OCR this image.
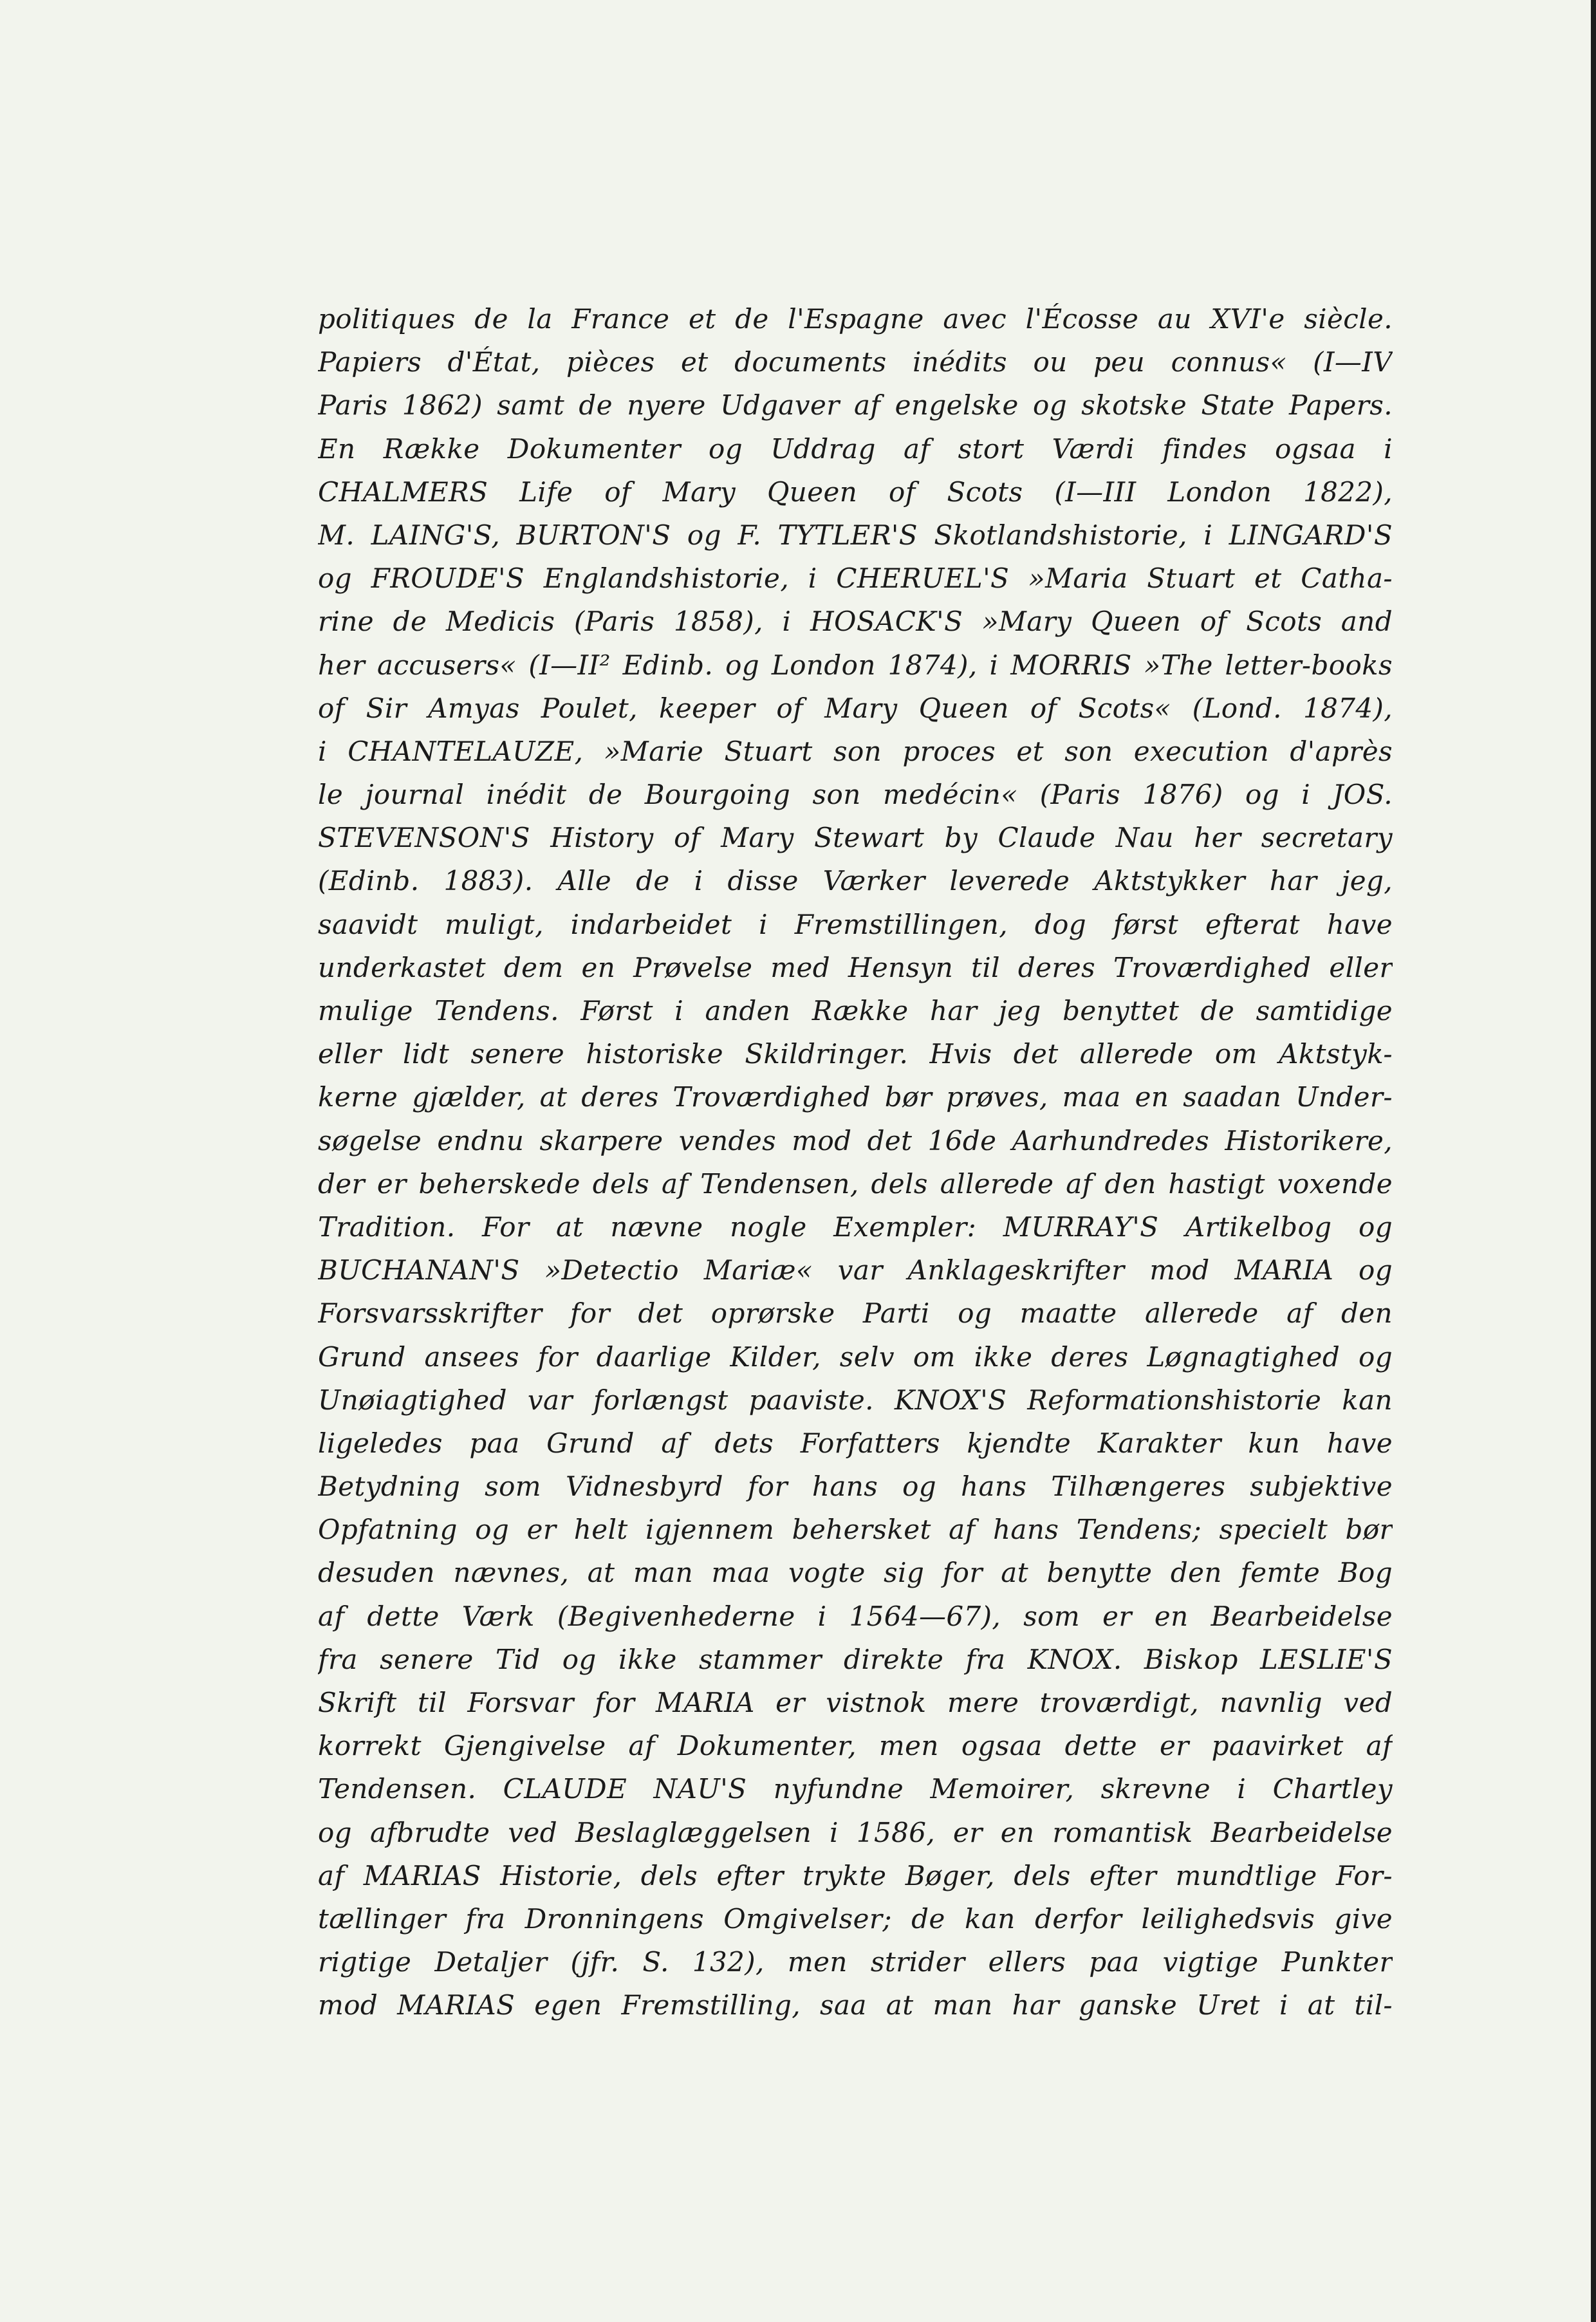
politiques de la France et de l'Espagne avec l'Écosse au XVI'e siècle.
Papiers d'État, pièces et documents inédits ou peu connus« (I—IV
Paris 1862) samt de nyere Udgaver af engelske og skotske State Papers.
En Række Dokumenter og Uddrag af stort Værdi findes ogsaa i
CHALMERS Life of Mary Queen of Scots (I—III London 1822),
M. LAING'S, BURTON'S og F. TYTLER'S Skotlandshistorie, i LINGARD'S
og FROUDE'S Englandshistorie, i CHERUEL'S »Maria Stuart et Catha-
rine de Medicis (Paris 1858), i HOSACK'S »Mary Queen of Scots and
her accusers« (I—II² Edinb. og London 1874), i MORRIS »The letter-books
of Sir Amyas Poulet, keeper of Mary Queen of Scots« (Lond. 1874),
i CHANTELAUZE, »Marie Stuart son proces et son execution d'après
le journal inédit de Bourgoing son medécin« (Paris 1876) og i JOS.
STEVENSON'S History of Mary Stewart by Claude Nau her secretary
(Edinb. 1883). Alle de i disse Værker leverede Aktstykker har jeg,
saavidt muligt, indarbeidet i Fremstillingen, dog først efterat have
underkastet dem en Prøvelse med Hensyn til deres Troværdighed eller
mulige Tendens. Først i anden Række har jeg benyttet de samtidige
eller lidt senere historiske Skildringer. Hvis det allerede om Aktstyk-
kerne gjælder, at deres Troværdighed bør prøves, maa en saadan Under-
søgelse endnu skarpere vendes mod det 16de Aarhundredes Historikere,
der er beherskede dels af Tendensen, dels allerede af den hastigt voxende
Tradition. For at nævne nogle Exempler: MURRAY'S Artikelbog og
BUCHANAN'S »Detectio Mariæ« var Anklageskrifter mod MARIA og
Forsvarsskrifter for det oprørske Parti og maatte allerede af den
Grund ansees for daarlige Kilder, selv om ikke deres Løgnagtighed og
Unøiagtighed var forlængst paaviste. KNOX'S Reformationshistorie kan
ligeledes paa Grund af dets Forfatters kjendte Karakter kun have
Betydning som Vidnesbyrd for hans og hans Tilhængeres subjektive
Opfatning og er helt igjennem behersket af hans Tendens; specielt bør
desuden nævnes, at man maa vogte sig for at benytte den femte Bog
af dette Værk (Begivenhederne i 1564—67), som er en Bearbeidelse
fra senere Tid og ikke stammer direkte fra KNOX. Biskop LESLIE'S
Skrift til Forsvar for MARIA er vistnok mere troværdigt, navnlig ved
korrekt Gjengivelse af Dokumenter, men ogsaa dette er paavirket af
Tendensen. CLAUDE NAU'S nyfundne Memoirer, skrevne i Chartley
og afbrudte ved Beslaglæggelsen i 1586, er en romantisk Bearbeidelse
af MARIAS Historie, dels efter trykte Bøger, dels efter mundtlige For-
tællinger fra Dronningens Omgivelser; de kan derfor leilighedsvis give
rigtige Detaljer (jfr. S. 132), men strider ellers paa vigtige Punkter
mod MARIAS egen Fremstilling, saa at man har ganske Uret i at til-
